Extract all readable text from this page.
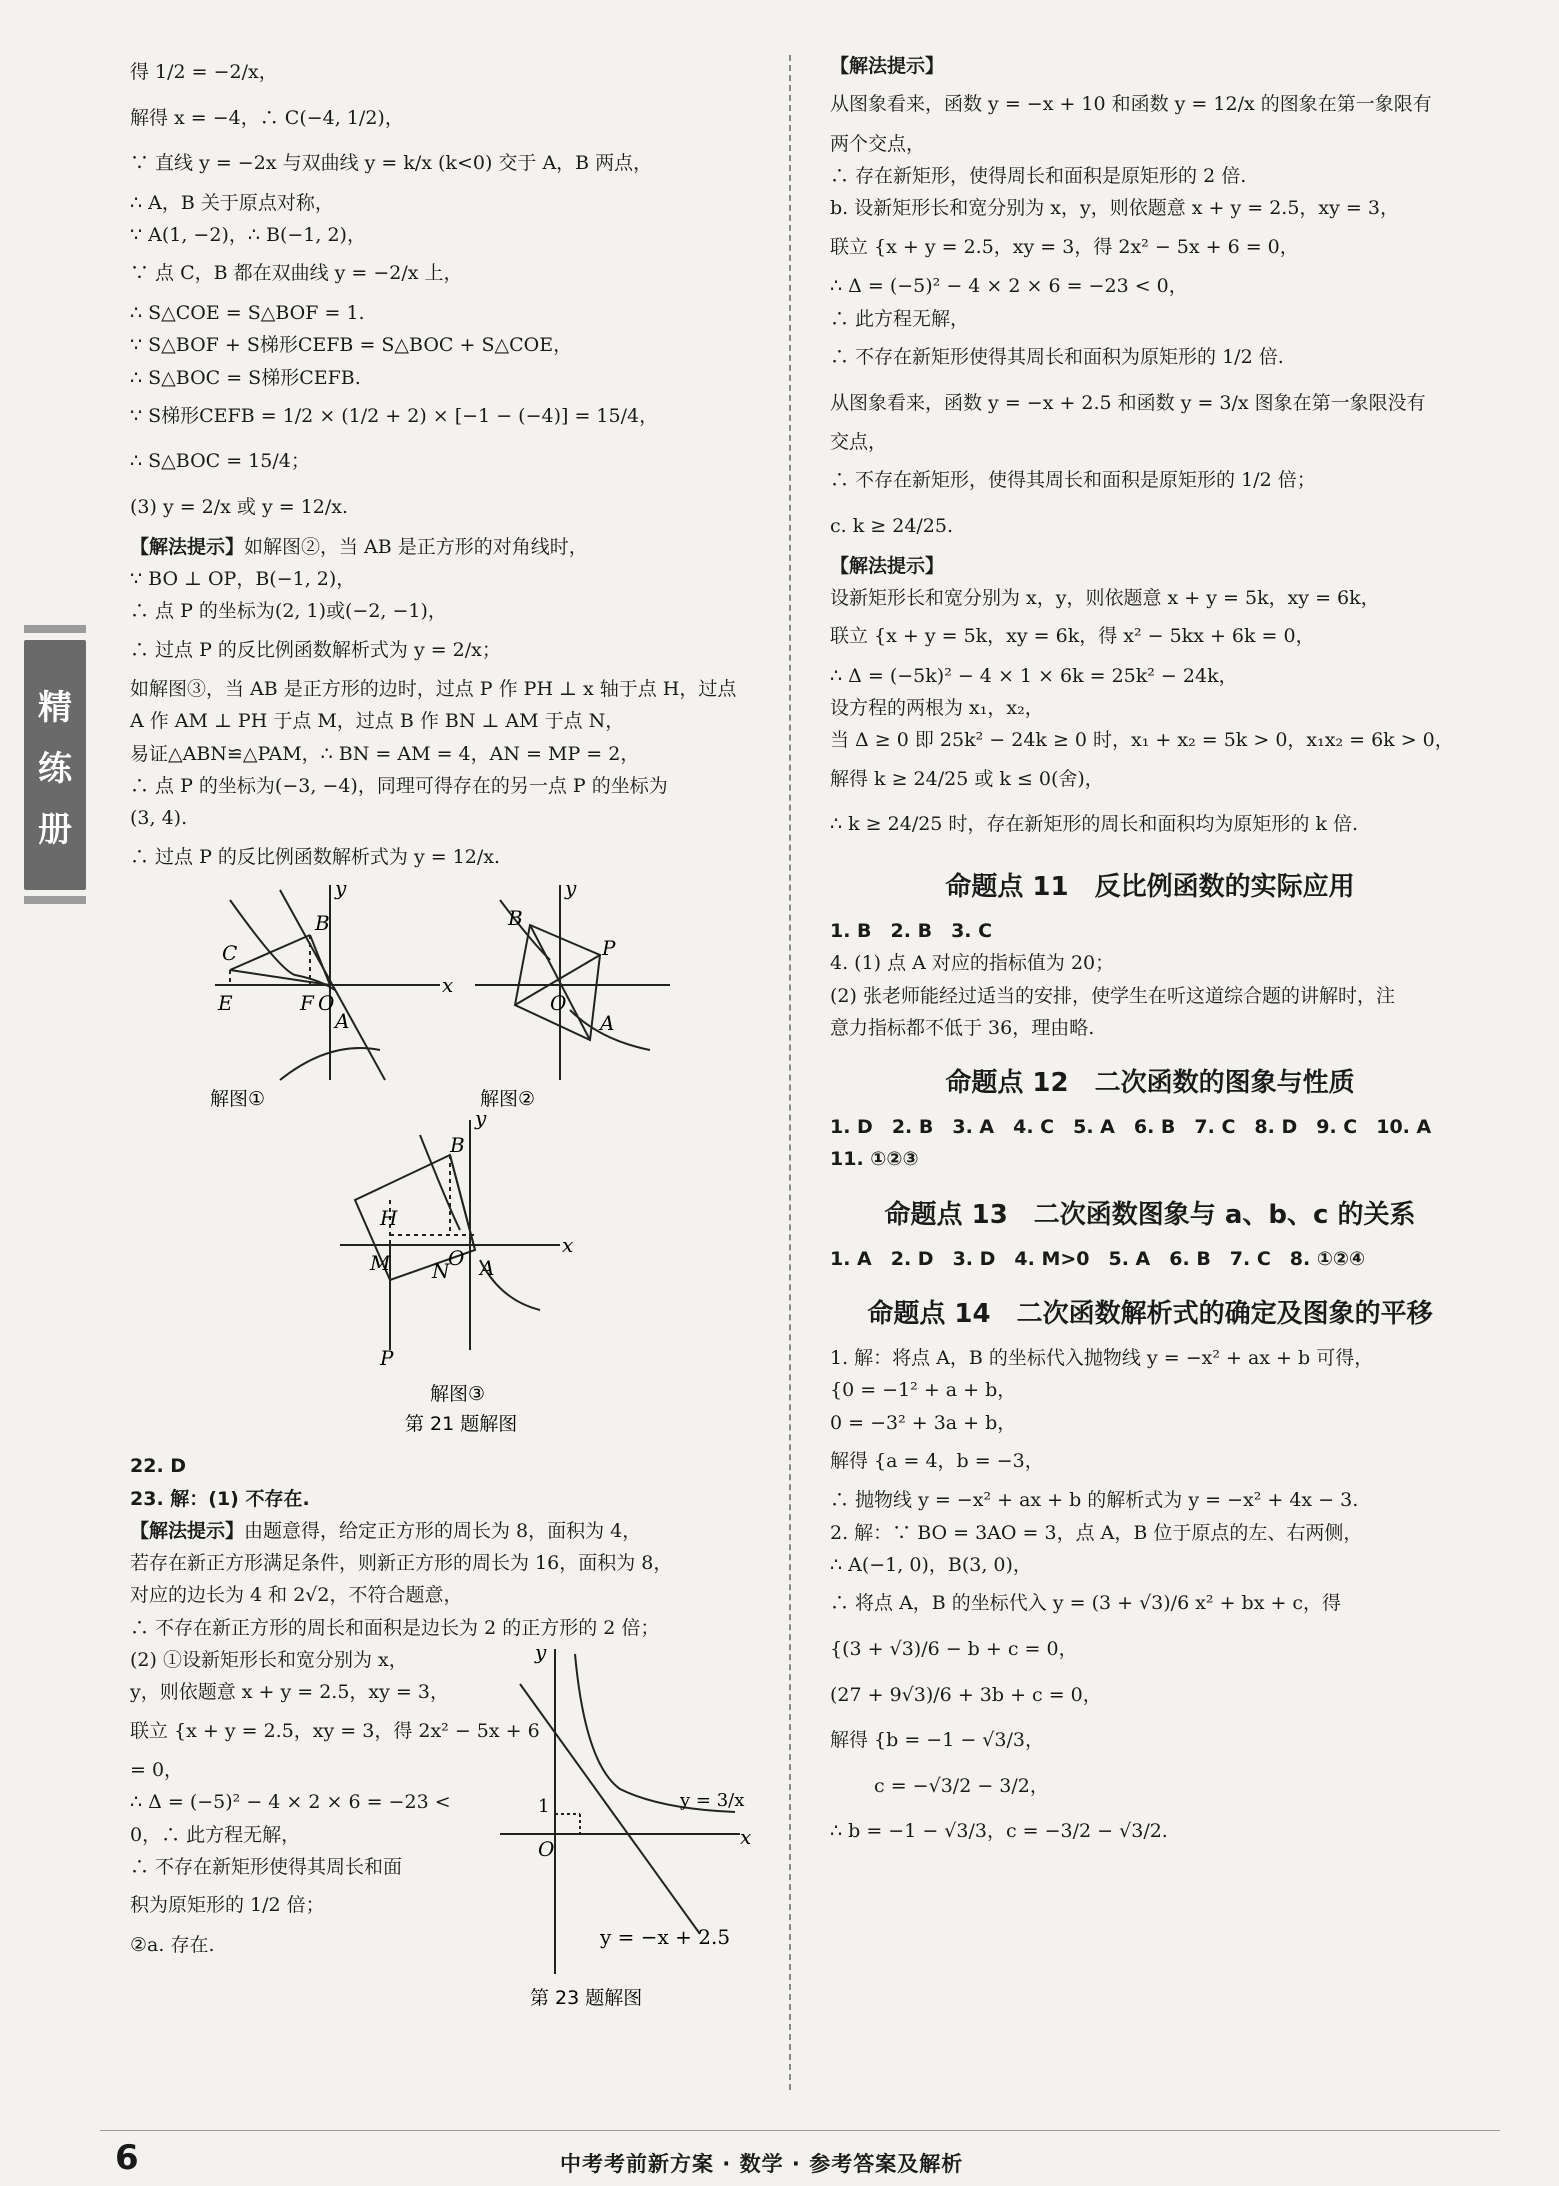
精
练
册
得 1/2 = −2/x，
解得 x = −4，∴ C(−4, 1/2)，
∵ 直线 y = −2x 与双曲线 y = k/x (k<0) 交于 A，B 两点，
∴ A，B 关于原点对称，
∵ A(1, −2)，∴ B(−1, 2)，
∵ 点 C，B 都在双曲线 y = −2/x 上，
∴ S△COE = S△BOF = 1.
∵ S△BOF + S梯形CEFB = S△BOC + S△COE，
∴ S△BOC = S梯形CEFB.
∵ S梯形CEFB = 1/2 × (1/2 + 2) × [−1 − (−4)] = 15/4，
∴ S△BOC = 15/4；
(3) y = 2/x 或 y = 12/x.
【解法提示】如解图②，当 AB 是正方形的对角线时，
∵ BO ⊥ OP，B(−1, 2)，
∴ 点 P 的坐标为(2, 1)或(−2, −1)，
∴ 过点 P 的反比例函数解析式为 y = 2/x；
如解图③，当 AB 是正方形的边时，过点 P 作 PH ⊥ x 轴于点 H，过点
A 作 AM ⊥ PH 于点 M，过点 B 作 BN ⊥ AM 于点 N，
易证△ABN≌△PAM，∴ BN = AM = 4，AN = MP = 2，
∴ 点 P 的坐标为(−3, −4)，同理可得存在的另一点 P 的坐标为
(3, 4).
∴ 过点 P 的反比例函数解析式为 y = 12/x.
C
B
E	F O
y
x
A
B
P
O
y
A
解图①	解图②
B
H
M N
O A
P
y
x
解图③
第 21 题解图
22. D
23. 解：(1) 不存在.
【解法提示】由题意得，给定正方形的周长为 8，面积为 4，
若存在新正方形满足条件，则新正方形的周长为 16，面积为 8，
对应的边长为 4 和 2√2，不符合题意，
∴ 不存在新正方形的周长和面积是边长为 2 的正方形的 2 倍；
(2) ①设新矩形长和宽分别为 x，
y，则依题意 x + y = 2.5，xy = 3，
联立 {x + y = 2.5，xy = 3，得 2x² − 5x + 6
= 0，
∴ Δ = (−5)² − 4 × 2 × 6 = −23 <
0，∴ 此方程无解，
∴ 不存在新矩形使得其周长和面
积为原矩形的 1/2 倍；
②a. 存在.
y
x
O
1	y = 3/x
y = −x + 2.5
第 23 题解图
【解法提示】
从图象看来，函数 y = −x + 10 和函数 y = 12/x 的图象在第一象限有
两个交点，
∴ 存在新矩形，使得周长和面积是原矩形的 2 倍.
b. 设新矩形长和宽分别为 x，y，则依题意 x + y = 2.5，xy = 3，
联立 {x + y = 2.5，xy = 3，得 2x² − 5x + 6 = 0，
∴ Δ = (−5)² − 4 × 2 × 6 = −23 < 0，
∴ 此方程无解，
∴ 不存在新矩形使得其周长和面积为原矩形的 1/2 倍.
从图象看来，函数 y = −x + 2.5 和函数 y = 3/x 图象在第一象限没有
交点，
∴ 不存在新矩形，使得其周长和面积是原矩形的 1/2 倍；
c. k ≥ 24/25.
【解法提示】
设新矩形长和宽分别为 x，y，则依题意 x + y = 5k，xy = 6k，
联立 {x + y = 5k，xy = 6k，得 x² − 5kx + 6k = 0，
∴ Δ = (−5k)² − 4 × 1 × 6k = 25k² − 24k，
设方程的两根为 x₁，x₂，
当 Δ ≥ 0 即 25k² − 24k ≥ 0 时，x₁ + x₂ = 5k > 0，x₁x₂ = 6k > 0，
解得 k ≥ 24/25 或 k ≤ 0(舍)，
∴ k ≥ 24/25 时，存在新矩形的周长和面积均为原矩形的 k 倍.
命题点 11　反比例函数的实际应用
1. B　2. B　3. C
4. (1) 点 A 对应的指标值为 20；
(2) 张老师能经过适当的安排，使学生在听这道综合题的讲解时，注
意力指标都不低于 36，理由略.
命题点 12　二次函数的图象与性质
1. D　2. B　3. A　4. C　5. A　6. B　7. C　8. D　9. C　10. A
11. ①②③
命题点 13　二次函数图象与 a、b、c 的关系
1. A　2. D　3. D　4. M>0　5. A　6. B　7. C　8. ①②④
命题点 14　二次函数解析式的确定及图象的平移
1. 解：将点 A，B 的坐标代入抛物线 y = −x² + ax + b 可得，
{0 = −1² + a + b，
0 = −3² + 3a + b，
解得 {a = 4，b = −3，
∴ 抛物线 y = −x² + ax + b 的解析式为 y = −x² + 4x − 3.
2. 解：∵ BO = 3AO = 3，点 A，B 位于原点的左、右两侧，
∴ A(−1, 0)，B(3, 0)，
∴ 将点 A，B 的坐标代入 y = (3 + √3)/6 x² + bx + c，得
{(3 + √3)/6 − b + c = 0，
(27 + 9√3)/6 + 3b + c = 0，
解得 {b = −1 − √3/3，
　　 c = −√3/2 − 3/2，
∴ b = −1 − √3/3，c = −3/2 − √3/2.
6	中考考前新方案 · 数学 · 参考答案及解析
